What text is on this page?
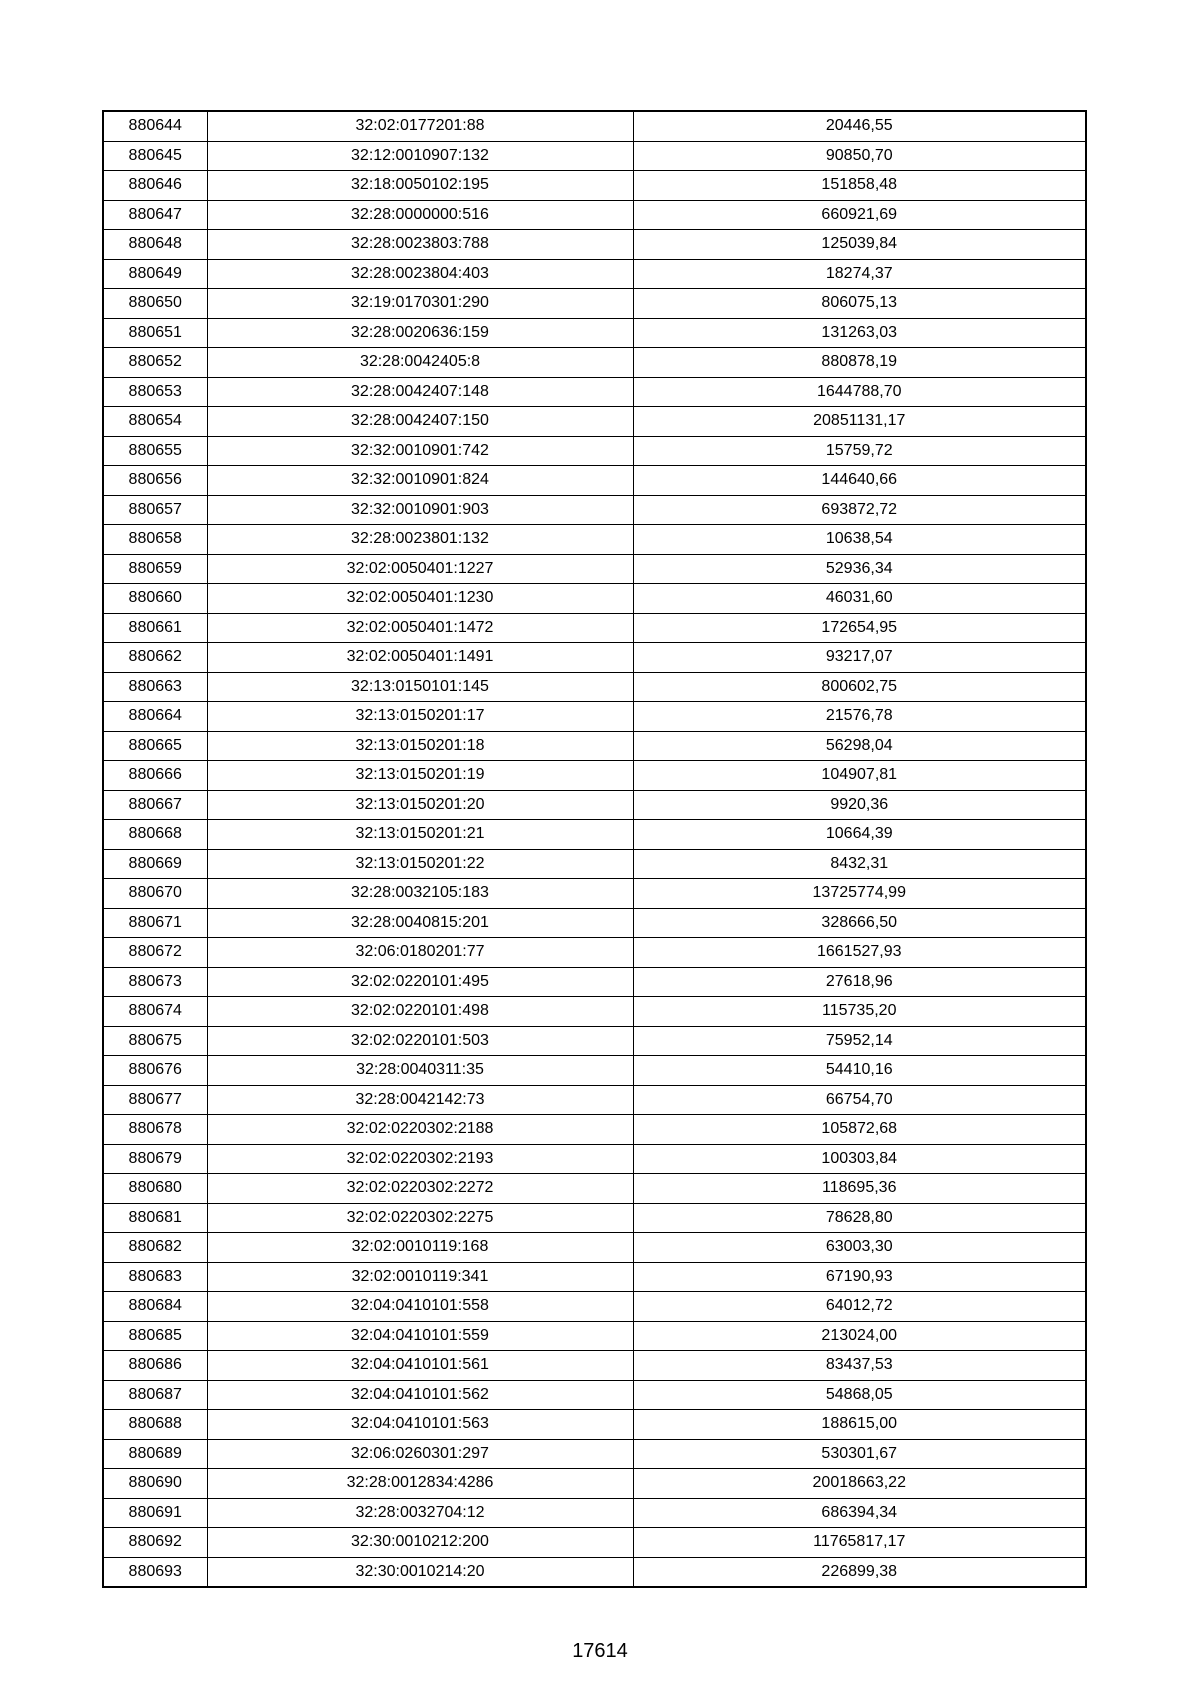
880644	32:02:0177201:88	20446,55
880645	32:12:0010907:132	90850,70
880646	32:18:0050102:195	151858,48
880647	32:28:0000000:516	660921,69
880648	32:28:0023803:788	125039,84
880649	32:28:0023804:403	18274,37
880650	32:19:0170301:290	806075,13
880651	32:28:0020636:159	131263,03
880652	32:28:0042405:8	880878,19
880653	32:28:0042407:148	1644788,70
880654	32:28:0042407:150	20851131,17
880655	32:32:0010901:742	15759,72
880656	32:32:0010901:824	144640,66
880657	32:32:0010901:903	693872,72
880658	32:28:0023801:132	10638,54
880659	32:02:0050401:1227	52936,34
880660	32:02:0050401:1230	46031,60
880661	32:02:0050401:1472	172654,95
880662	32:02:0050401:1491	93217,07
880663	32:13:0150101:145	800602,75
880664	32:13:0150201:17	21576,78
880665	32:13:0150201:18	56298,04
880666	32:13:0150201:19	104907,81
880667	32:13:0150201:20	9920,36
880668	32:13:0150201:21	10664,39
880669	32:13:0150201:22	8432,31
880670	32:28:0032105:183	13725774,99
880671	32:28:0040815:201	328666,50
880672	32:06:0180201:77	1661527,93
880673	32:02:0220101:495	27618,96
880674	32:02:0220101:498	115735,20
880675	32:02:0220101:503	75952,14
880676	32:28:0040311:35	54410,16
880677	32:28:0042142:73	66754,70
880678	32:02:0220302:2188	105872,68
880679	32:02:0220302:2193	100303,84
880680	32:02:0220302:2272	118695,36
880681	32:02:0220302:2275	78628,80
880682	32:02:0010119:168	63003,30
880683	32:02:0010119:341	67190,93
880684	32:04:0410101:558	64012,72
880685	32:04:0410101:559	213024,00
880686	32:04:0410101:561	83437,53
880687	32:04:0410101:562	54868,05
880688	32:04:0410101:563	188615,00
880689	32:06:0260301:297	530301,67
880690	32:28:0012834:4286	20018663,22
880691	32:28:0032704:12	686394,34
880692	32:30:0010212:200	11765817,17
880693	32:30:0010214:20	226899,38
17614
